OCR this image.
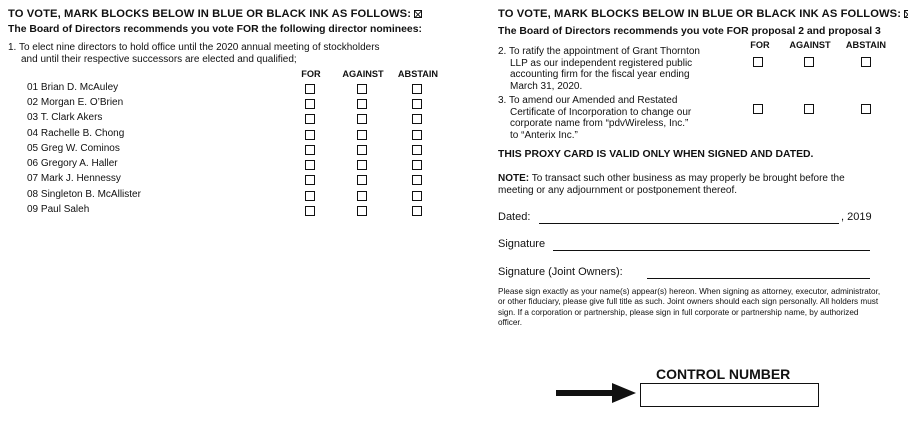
TO VOTE, MARK BLOCKS BELOW IN BLUE OR BLACK INK AS FOLLOWS:
The Board of Directors recommends you vote FOR the following director nominees:
1. To elect nine directors to hold office until the 2020 annual meeting of stockholders
and until their respective successors are elected and qualified;
FOR	AGAINST	ABSTAIN
01 Brian D. McAuley
02 Morgan E. O’Brien
03 T. Clark Akers
04 Rachelle B. Chong
05 Greg W. Cominos
06 Gregory A. Haller
07 Mark J. Hennessy
08 Singleton B. McAllister
09 Paul Saleh
TO VOTE, MARK BLOCKS BELOW IN BLUE OR BLACK INK AS FOLLOWS:
The Board of Directors recommends you vote FOR proposal 2 and proposal 3
FOR	AGAINST	ABSTAIN
2. To ratify the appointment of Grant Thornton
LLP as our independent registered public
accounting firm for the fiscal year ending
March 31, 2020.
3. To amend our Amended and Restated
Certificate of Incorporation to change our
corporate name from “pdvWireless, Inc.”
to “Anterix Inc.”
THIS PROXY CARD IS VALID ONLY WHEN SIGNED AND DATED.
NOTE: To transact such other business as may properly be brought before the
meeting or any adjournment or postponement thereof.
Dated:	, 2019
Signature
Signature (Joint Owners):
Please sign exactly as your name(s) appear(s) hereon. When signing as attorney, executor, administrator, or other fiduciary, please give full title as such. Joint owners should each sign personally. All holders must sign. If a corporation or partnership, please sign in full corporate or partnership name, by authorized officer.
CONTROL NUMBER
